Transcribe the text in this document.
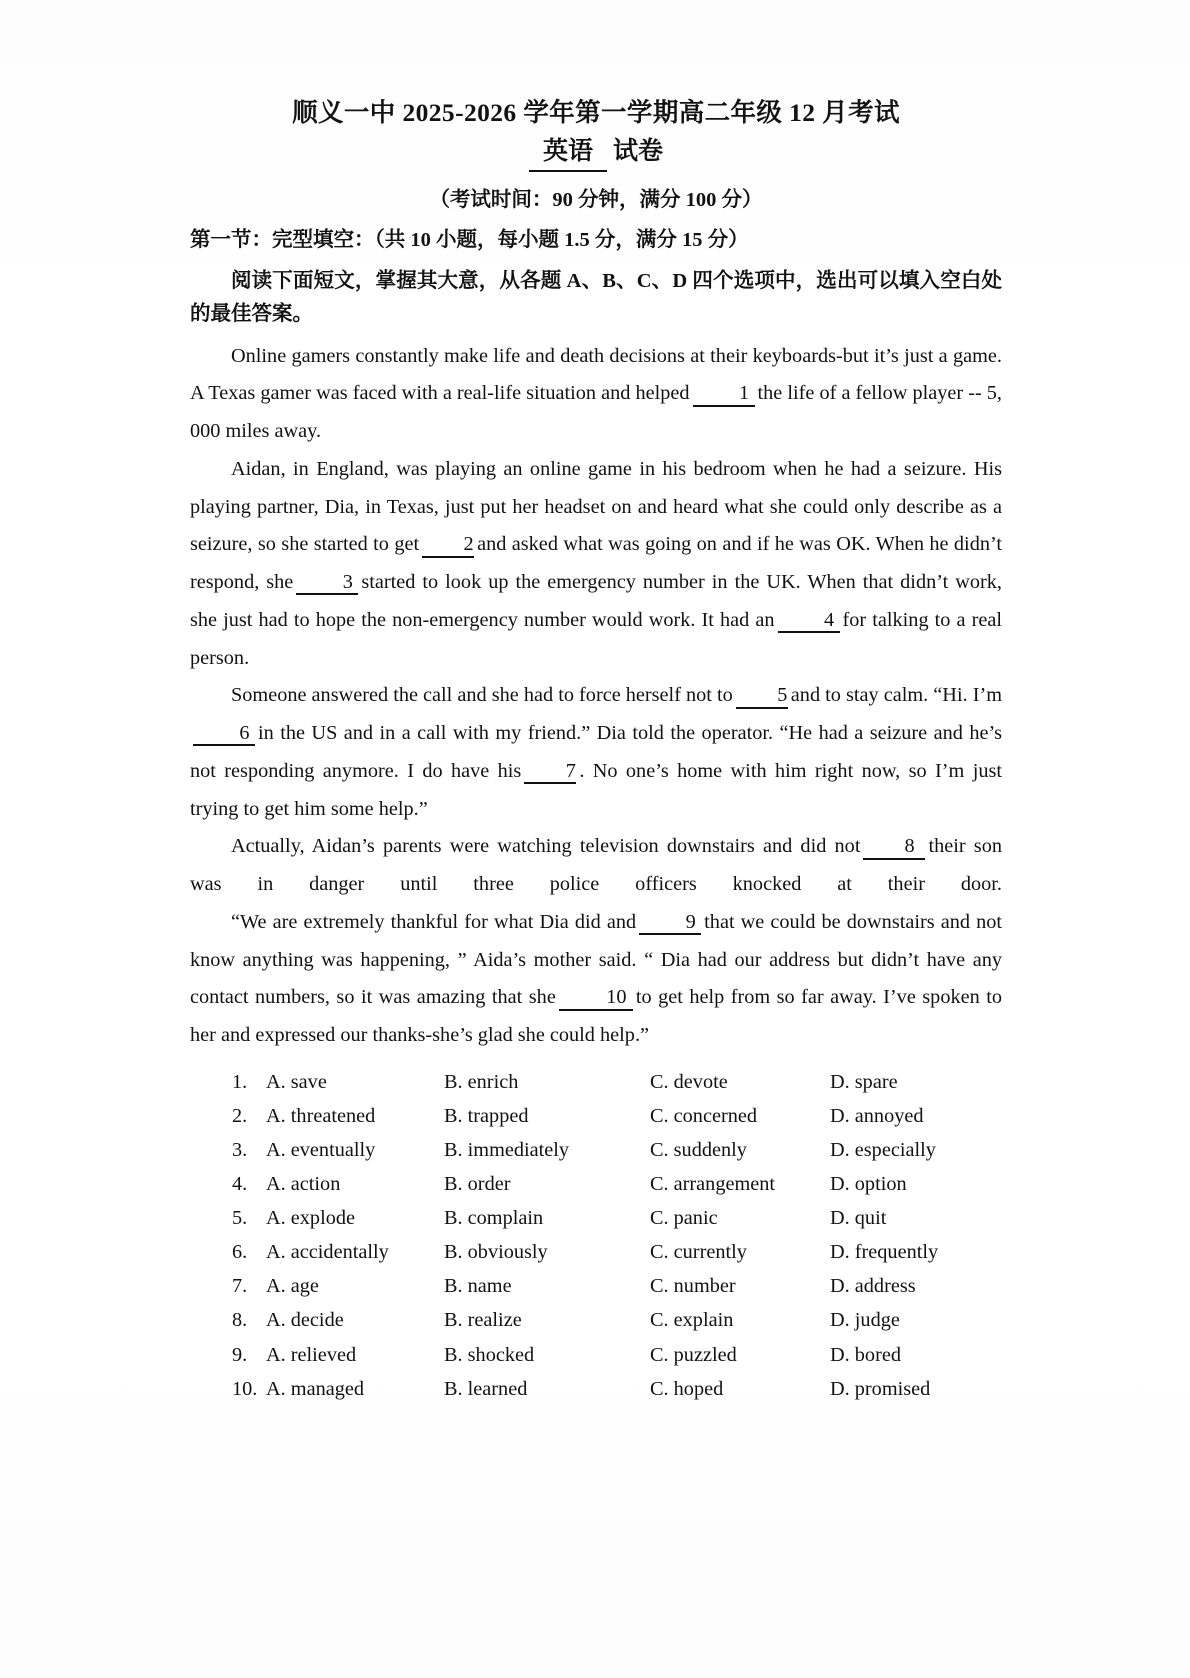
顺义一中 2025-2026 学年第一学期高二年级 12 月考试
英语 试卷
（考试时间：90 分钟，满分 100 分）
第一节：完型填空：（共 10 小题，每小题 1.5 分，满分 15 分）
阅读下面短文，掌握其大意，从各题 A、B、C、D 四个选项中，选出可以填入空白处的最佳答案。

Online gamers constantly make life and death decisions at their keyboards-but it’s just a game. A Texas gamer was faced with a real-life situation and helped 1 the life of a fellow player -- 5, 000 miles away.

Aidan, in England, was playing an online game in his bedroom when he had a seizure. His playing partner, Dia, in Texas, just put her headset on and heard what she could only describe as a seizure, so she started to get 2 and asked what was going on and if he was OK. When he didn’t respond, she 3 started to look up the emergency number in the UK. When that didn’t work, she just had to hope the non-emergency number would work. It had an 4 for talking to a real person.

Someone answered the call and she had to force herself not to 5 and to stay calm. “Hi. I’m6 in the US and in a call with my friend.” Dia told the operator. “He had a seizure and he’s not responding anymore. I do have his 7 . No one’s home with him right now, so I’m just trying to get him some help.”

Actually, Aidan’s parents were watching television downstairs and did not 8 their son was in danger until three police officers knocked at their door.

“We are extremely thankful for what Dia did and 9 that we could be downstairs and not know anything was happening, ” Aida’s mother said. “ Dia had our address but didn’t have any contact numbers, so it was amazing that she 10 to get help from so far away. I’ve spoken to her and expressed our thanks-she’s glad she could help.”

1. A. save	B. enrich	C. devote	D. spare
2. A. threatened	B. trapped	C. concerned	D. annoyed
3. A. eventually	B. immediately	C. suddenly	D. especially
4. A. action	B. order	C. arrangement	D. option
5. A. explode	B. complain	C. panic	D. quit
6. A. accidentally	B. obviously	C. currently	D. frequently
7. A. age	B. name	C. number	D. address
8. A. decide	B. realize	C. explain	D. judge
9. A. relieved	B. shocked	C. puzzled	D. bored
10. A. managed	B. learned	C. hoped	D. promised
